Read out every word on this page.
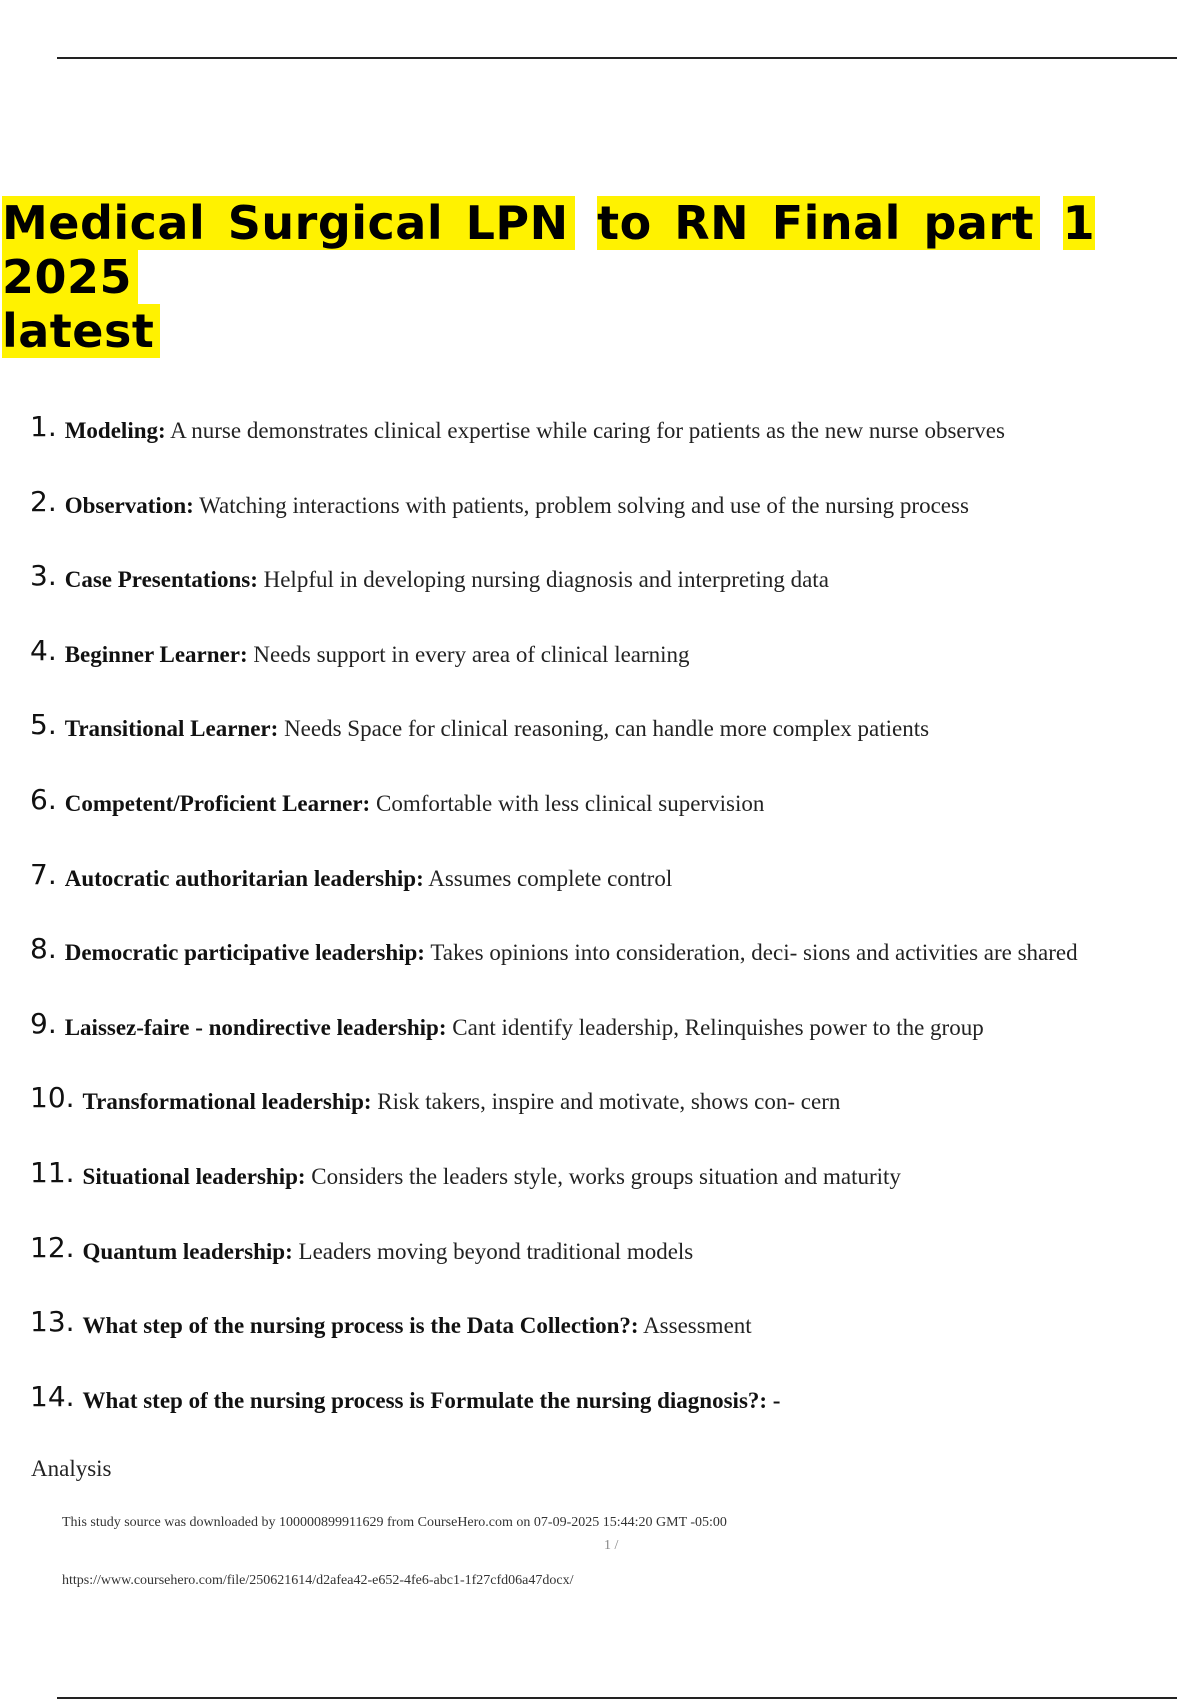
Medical Surgical LPN to RN Final part 1 2025
latest
1. Modeling: A nurse demonstrates clinical expertise while caring for patients as the new nurse observes
2. Observation: Watching interactions with patients, problem solving and use of the nursing process
3. Case Presentations: Helpful in developing nursing diagnosis and interpreting data
4. Beginner Learner: Needs support in every area of clinical learning
5. Transitional Learner: Needs Space for clinical reasoning, can handle more complex patients
6. Competent/Proficient Learner: Comfortable with less clinical supervision
7. Autocratic authoritarian leadership: Assumes complete control
8. Democratic participative leadership: Takes opinions into consideration, deci- sions and activities are shared
9. Laissez-faire - nondirective leadership: Cant identify leadership, Relinquishes power to the group
10. Transformational leadership: Risk takers, inspire and motivate, shows con- cern
11. Situational leadership: Considers the leaders style, works groups situation and maturity
12. Quantum leadership: Leaders moving beyond traditional models
13. What step of the nursing process is the Data Collection?: Assessment
14. What step of the nursing process is Formulate the nursing diagnosis?: -
Analysis
This study source was downloaded by 100000899911629 from CourseHero.com on 07-09-2025 15:44:20 GMT -05:00
1 /
https://www.coursehero.com/file/250621614/d2afea42-e652-4fe6-abc1-1f27cfd06a47docx/
